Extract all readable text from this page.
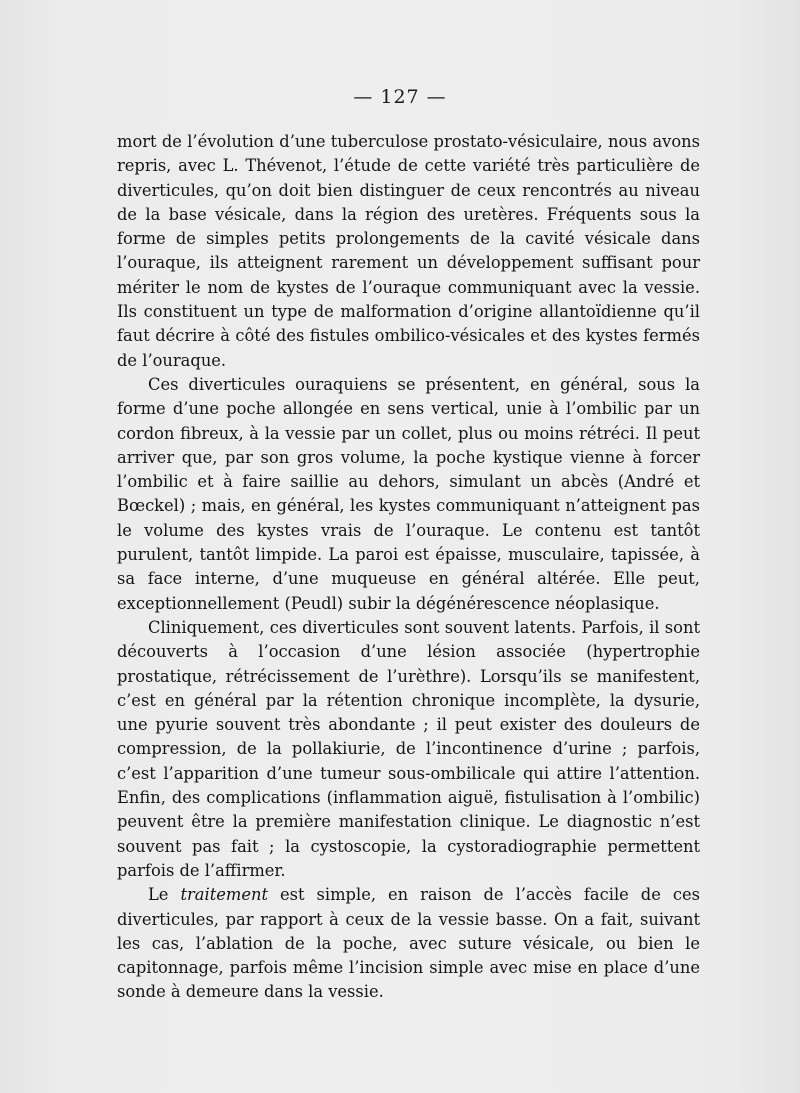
— 127 —

mort de l’évolution d’une tuberculose prostato-vésiculaire, nous avons repris, avec L. Thévenot, l’étude de cette variété très particulière de diverticules, qu’on doit bien distinguer de ceux rencontrés au niveau de la base vésicale, dans la région des uretères. Fréquents sous la forme de simples petits prolongements de la cavité vésicale dans l’ouraque, ils atteignent rarement un développement suffisant pour mériter le nom de kystes de l’ouraque communiquant avec la vessie. Ils constituent un type de malformation d’origine allantoïdienne qu’il faut décrire à côté des fistules ombilico-vésicales et des kystes fermés de l’ouraque.

Ces diverticules ouraquiens se présentent, en général, sous la forme d’une poche allongée en sens vertical, unie à l’ombilic par un cordon fibreux, à la vessie par un collet, plus ou moins rétréci. Il peut arriver que, par son gros volume, la poche kystique vienne à forcer l’ombilic et à faire saillie au dehors, simulant un abcès (André et Bœckel) ; mais, en général, les kystes communiquant n’atteignent pas le volume des kystes vrais de l’ouraque. Le contenu est tantôt purulent, tantôt limpide. La paroi est épaisse, musculaire, tapissée, à sa face interne, d’une muqueuse en général altérée. Elle peut, exceptionnellement (Peudl) subir la dégénérescence néoplasique.

Cliniquement, ces diverticules sont souvent latents. Parfois, il sont découverts à l’occasion d’une lésion associée (hypertrophie prostatique, rétrécissement de l’urèthre). Lorsqu’ils se manifestent, c’est en général par la rétention chronique incomplète, la dysurie, une pyurie souvent très abondante ; il peut exister des douleurs de compression, de la pollakiurie, de l’incontinence d’urine ; parfois, c’est l’apparition d’une tumeur sous-ombilicale qui attire l’attention. Enfin, des complications (inflammation aiguë, fistulisation à l’ombilic) peuvent être la première manifestation clinique. Le diagnostic n’est souvent pas fait ; la cystoscopie, la cystoradiographie permettent parfois de l’affirmer.

Le traitement est simple, en raison de l’accès facile de ces diverticules, par rapport à ceux de la vessie basse. On a fait, suivant les cas, l’ablation de la poche, avec suture vésicale, ou bien le capitonnage, parfois même l’incision simple avec mise en place d’une sonde à demeure dans la vessie.
